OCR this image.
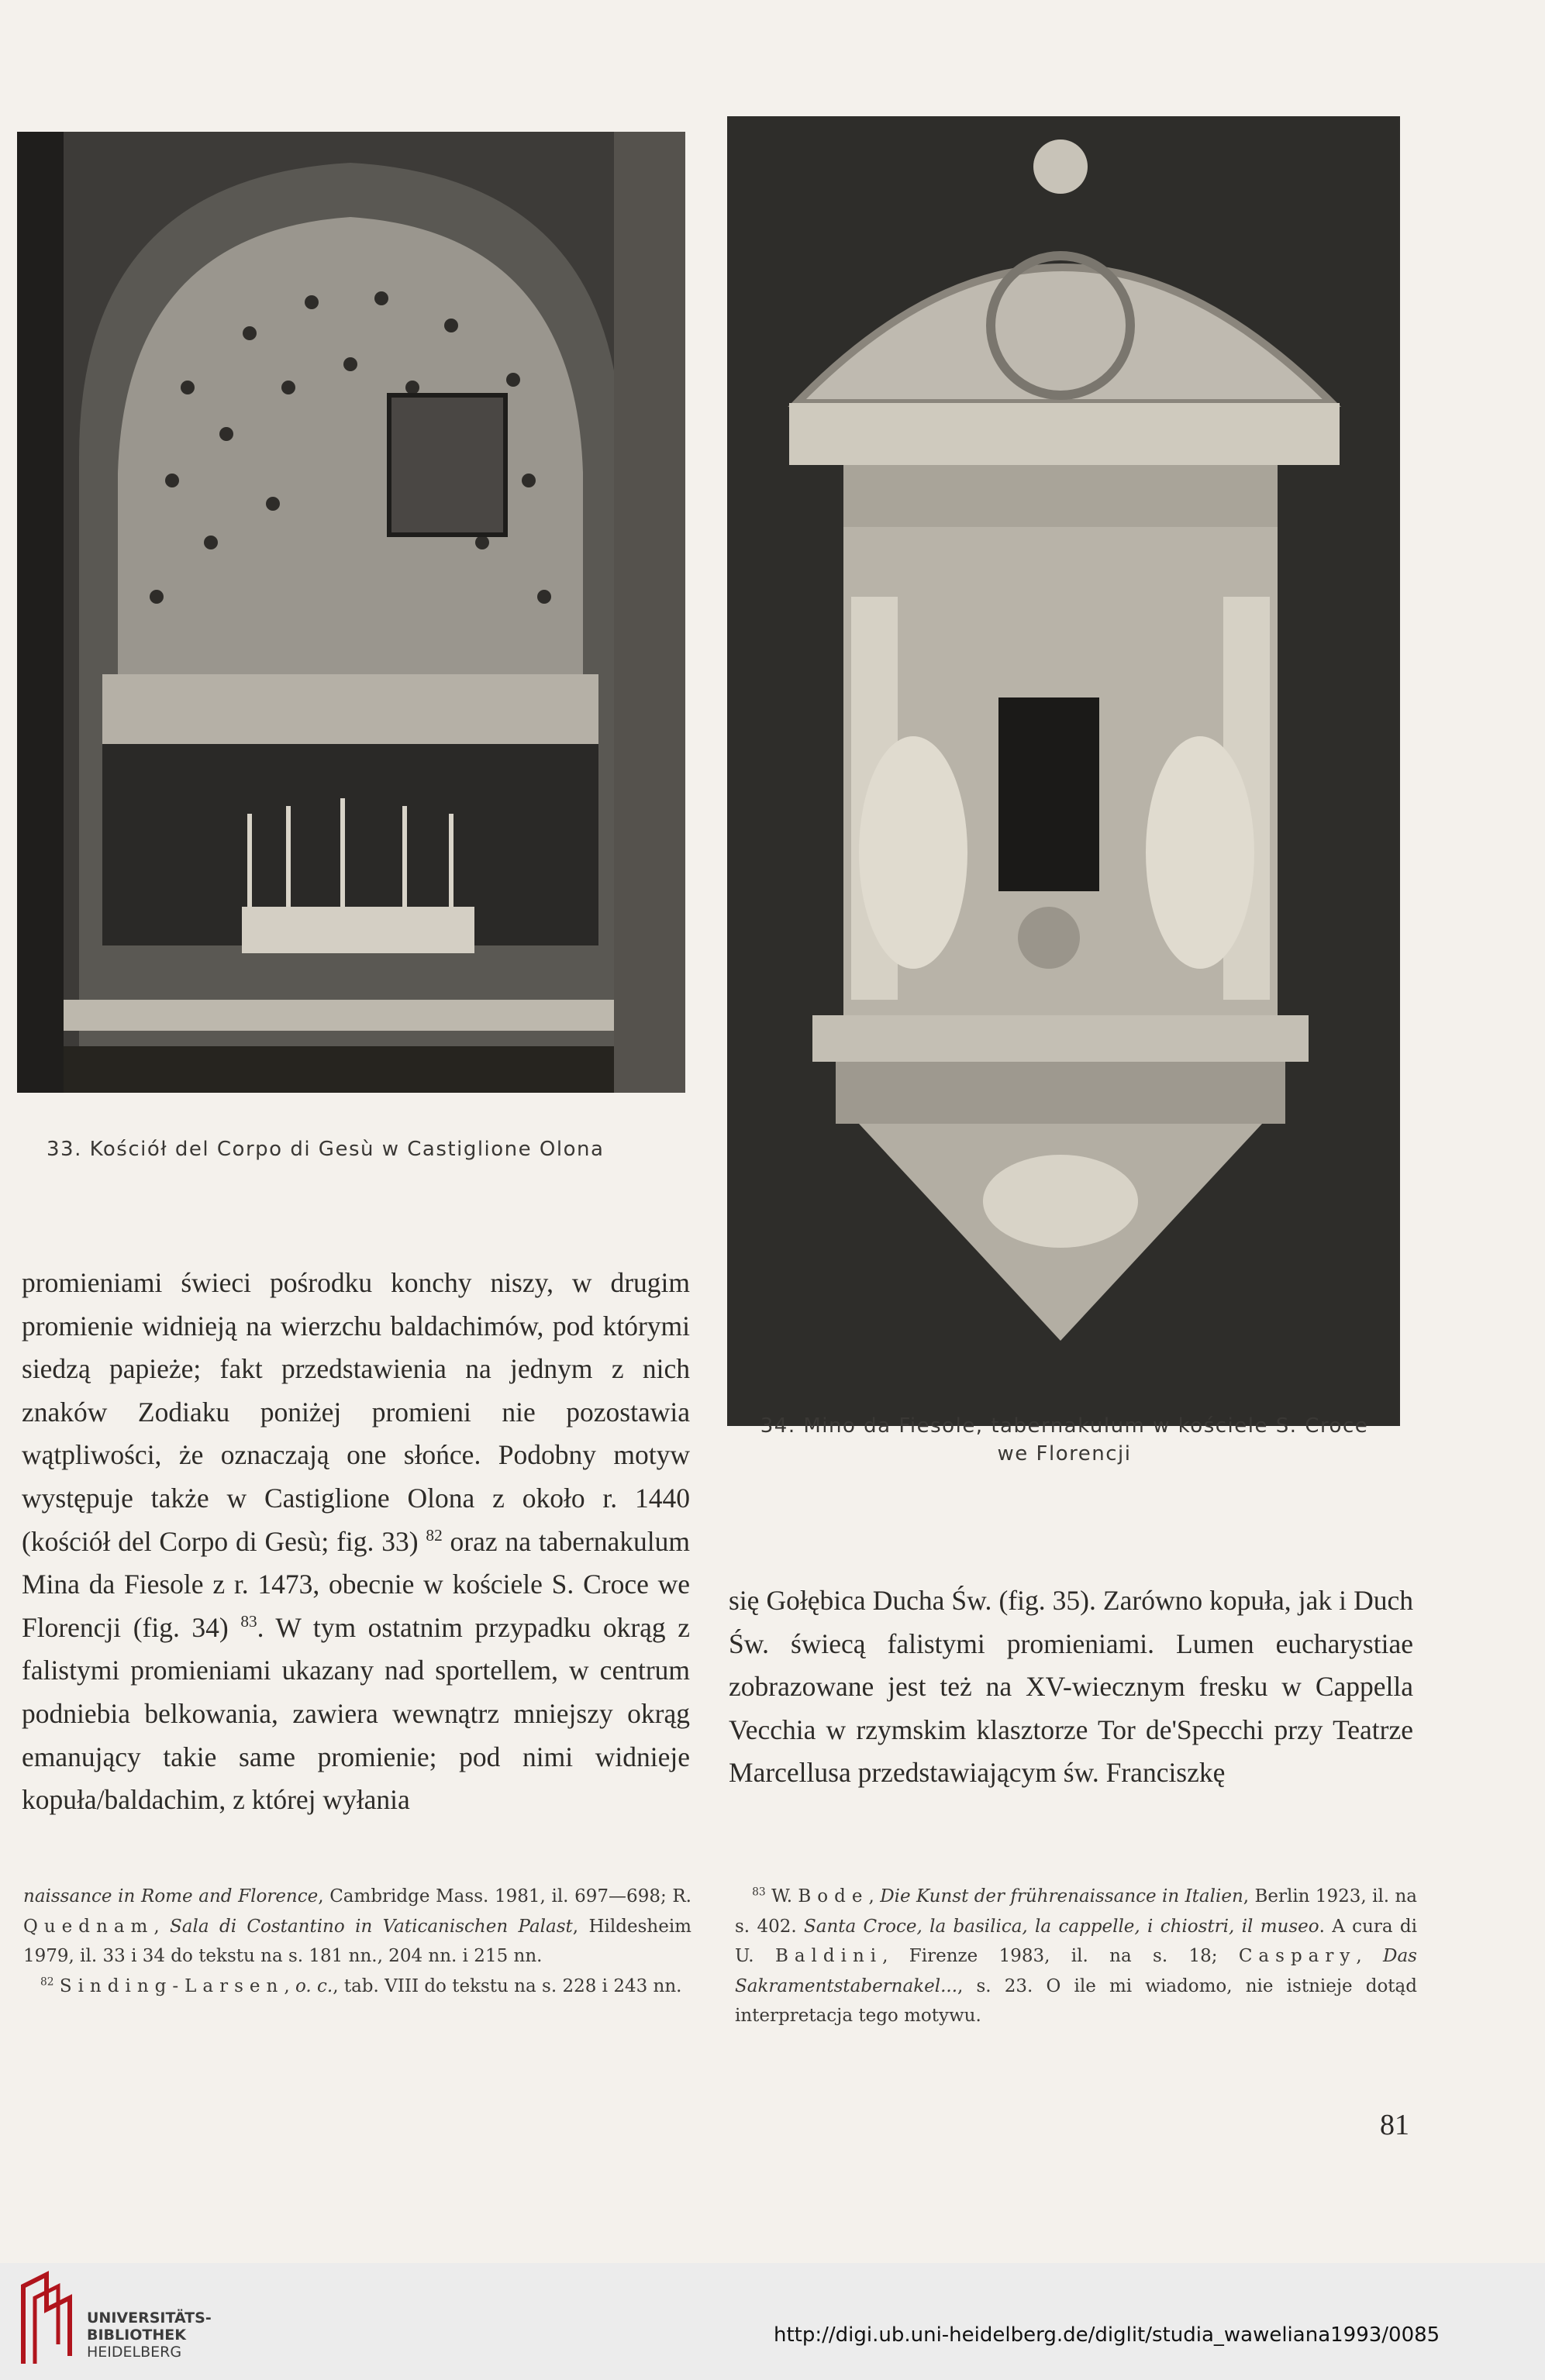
33. Kościół del Corpo di Gesù w Castiglione Olona
34. Mino da Fiesole, tabernakulum w kościele S. Croce
we Florencji

promieniami świeci pośrodku konchy niszy, w drugim promienie widnieją na wierzchu baldachimów, pod którymi siedzą papieże; fakt przedstawienia na jednym z nich znaków Zodiaku poniżej promieni nie pozostawia wątpliwości, że oznaczają one słońce. Podobny motyw występuje także w Castiglione Olona z około r. 1440 (kościół del Corpo di Gesù; fig. 33) $^{82}$ oraz na tabernakulum Mina da Fiesole z r. 1473, obecnie w kościele S. Croce we Florencji (fig. 34) $^{83}$. W tym ostatnim przypadku okrąg z falistymi promieniami ukazany nad sportellem, w centrum podniebia belkowania, zawiera wewnątrz mniejszy okrąg emanujący takie same promienie; pod nimi widnieje kopuła/baldachim, z której wyłania

się Gołębica Ducha Św. (fig. 35). Zarówno kopuła, jak i Duch Św. świecą falistymi promieniami. Lumen eucharystiae zobrazowane jest też na XV-wiecznym fresku w Cappella Vecchia w rzymskim klasztorze Tor de'Specchi przy Teatrze Marcellusa przedstawiającym św. Franciszkę

naissance in Rome and Florence, Cambridge Mass. 1981, il. 697—698; R. Quednam, Sala di Costantino in Vaticanischen Palast, Hildesheim 1979, il. 33 i 34 do tekstu na s. 181 nn., 204 nn. i 215 nn.

$^{82}$ Sinding-Larsen, o. c., tab. VIII do tekstu na s. 228 i 243 nn.

$^{83}$ W. Bode, Die Kunst der frührenaissance in Italien, Berlin 1923, il. na s. 402. Santa Croce, la basilica, la cappelle, i chiostri, il museo. A cura di U. Baldini, Firenze 1983, il. na s. 18; Caspary, Das Sakramentstabernakel..., s. 23. O ile mi wiadomo, nie istnieje dotąd interpretacja tego motywu.

81
UNIVERSITÄTS-
BIBLIOTHEK
HEIDELBERG
http://digi.ub.uni-heidelberg.de/diglit/studia_waweliana1993/0085
